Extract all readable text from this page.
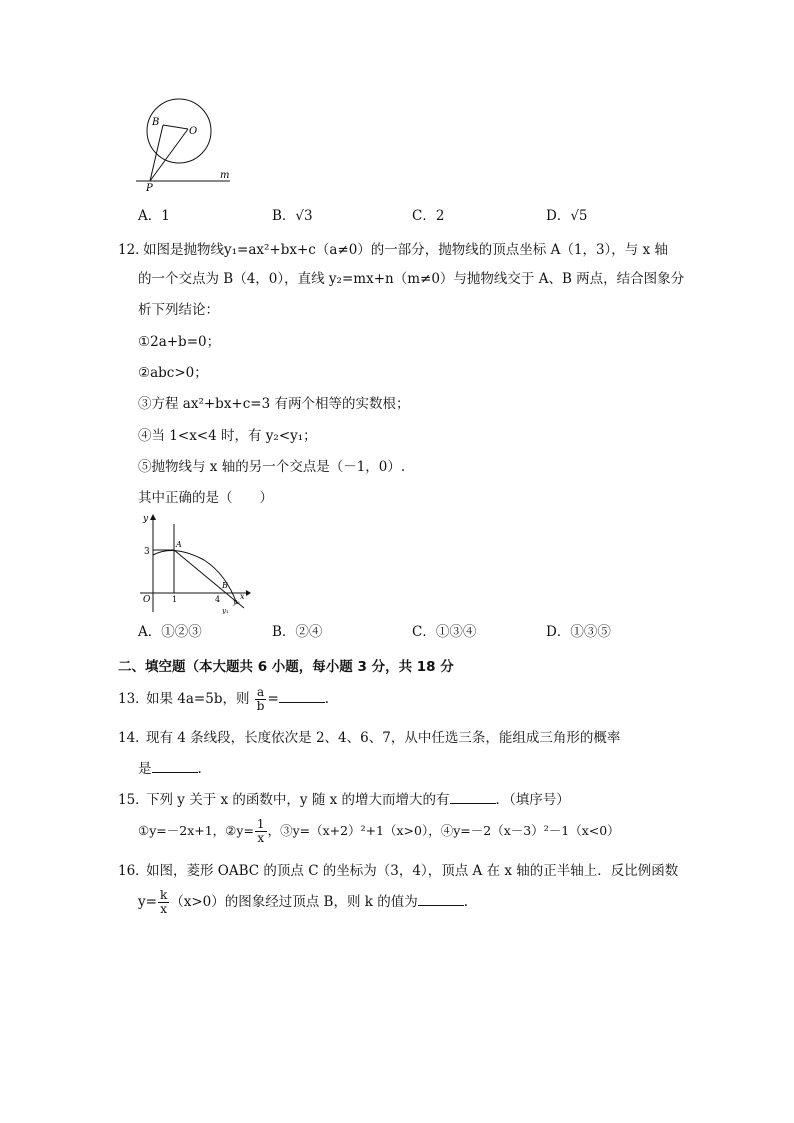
B
O
P
m
A．1	B．√3	C．2	D．√5
12．
如图是抛物线y₁=ax²+bx+c（a≠0）的一部分，抛物线的顶点坐标 A（1，3），与 x 轴
的一个交点为 B（4，0），直线 y₂=mx+n（m≠0）与抛物线交于 A、B 两点，结合图象分
析下列结论：
①2a+b=0；
②abc>0；
③方程 ax²+bx+c=3 有两个相等的实数根；
④当 1<x<4 时，有 y₂<y₁；
⑤抛物线与 x 轴的另一个交点是（－1，0）.
其中正确的是（　　）
y
3
A
O	1	4
B
x
y₂
y₁
A．①②③	B．②④	C．①③④	D．①③⑤
二、填空题（本大题共 6 小题，每小题 3 分，共 18 分
13．
如果 4a=5b，则 $\frac{a}{b}$ =	.
14．
现有 4 条线段，长度依次是 2、4、6、7，从中任选三条，能组成三角形的概率
是	.
15．
下列 y 关于 x 的函数中，y 随 x 的增大而增大的有	．（填序号）
①y=－2x+1，②y= $\frac{1}{x}$ ，③y=（x+2）²+1（x>0），④y=－2（x－3）²－1（x<0）
16．
如图，菱形 OABC 的顶点 C 的坐标为（3，4），顶点 A 在 x 轴的正半轴上．反比例函数
$y= \frac{k}{x} (x>0)$的图象经过顶点 B，则 k 的值为	.
